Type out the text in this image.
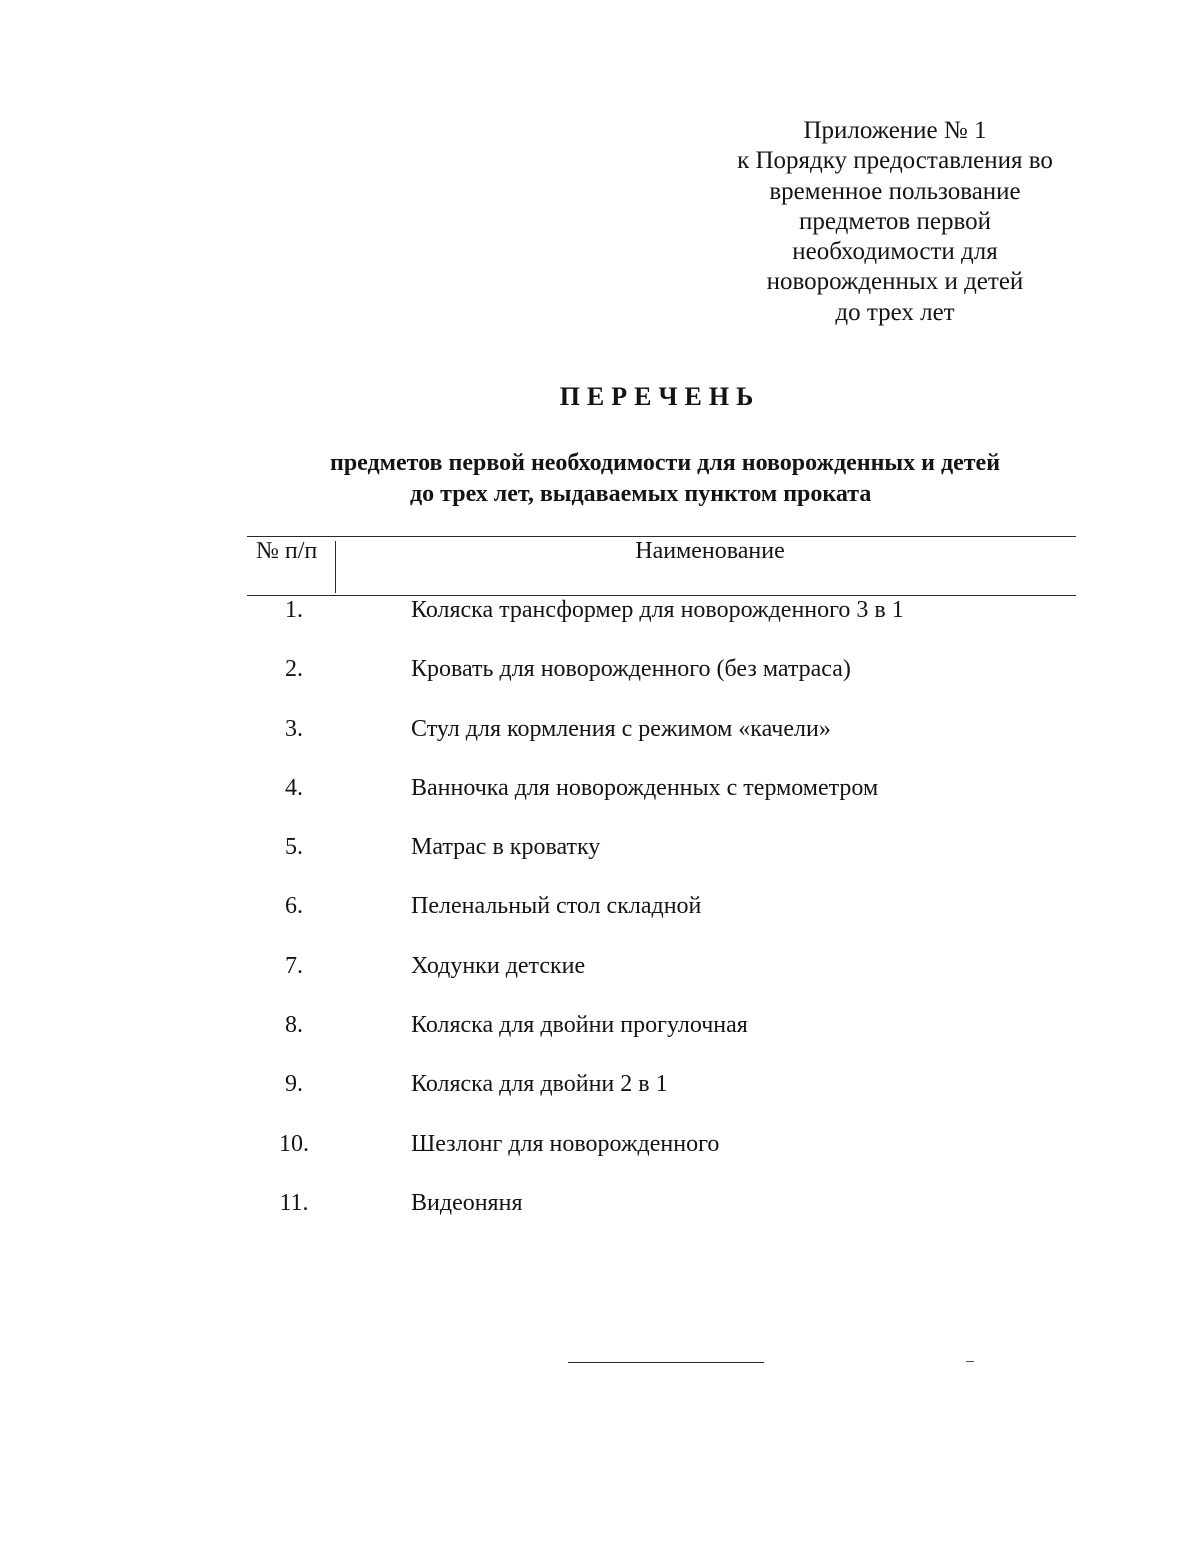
Приложение № 1
к Порядку предоставления во
временное пользование
предметов первой
необходимости для
новорожденных и детей
до трех лет
ПЕРЕЧЕНЬ
предметов первой необходимости для новорожденных и детей
до трех лет, выдаваемых пунктом проката
№ п/п	Наименование
1.	Коляска трансформер для новорожденного 3 в 1
2.	Кровать для новорожденного (без матраса)
3.	Стул для кормления с режимом «качели»
4.	Ванночка для новорожденных с термометром
5.	Матрас в кроватку
6.	Пеленальный стол складной
7.	Ходунки детские
8.	Коляска для двойни прогулочная
9.	Коляска для двойни 2 в 1
10.	Шезлонг для новорожденного
11.	Видеоняня
